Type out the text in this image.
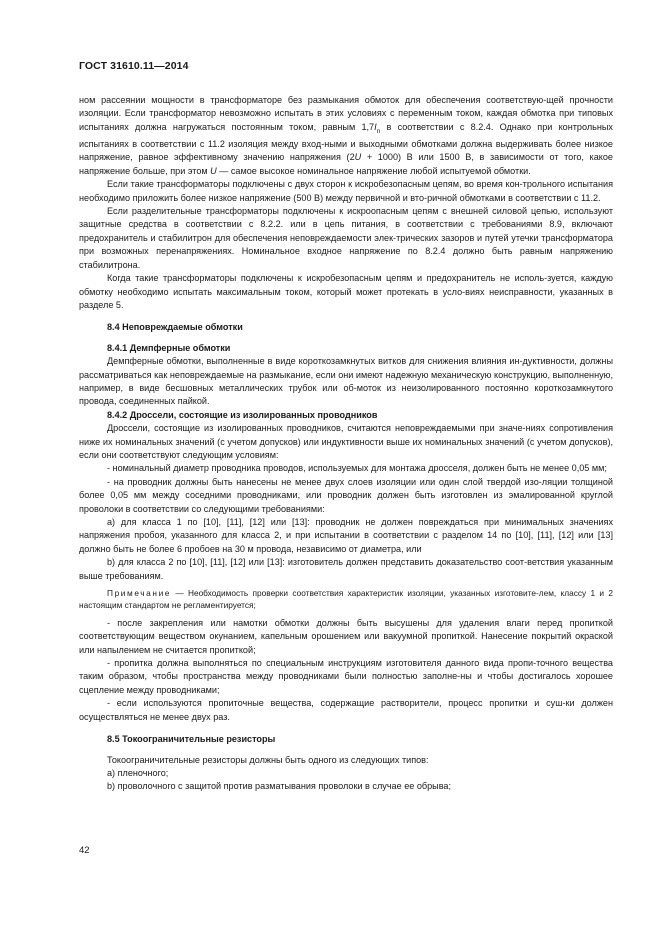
ГОСТ 31610.11—2014

ном рассеянии мощности в трансформаторе без размыкания обмоток для обеспечения соответствую-щей прочности изоляции. Если трансформатор невозможно испытать в этих условиях с переменным током, каждая обмотка при типовых испытаниях должна нагружаться постоянным током, равным $1,7I_n$ в соответствии с 8.2.4. Однако при контрольных испытаниях в соответствии с 11.2 изоляция между вход-ными и выходными обмотками должна выдерживать более низкое напряжение, равное эффективному значению напряжения (2U + 1000) В или 1500 В, в зависимости от того, какое напряжение больше, при этом U — самое высокое номинальное напряжение любой испытуемой обмотки.

Если такие трансформаторы подключены с двух сторон к искробезопасным цепям, во время кон-трольного испытания необходимо приложить более низкое напряжение (500 В) между первичной и вто-ричной обмотками в соответствии с 11.2.

Если разделительные трансформаторы подключены к искроопасным цепям с внешней силовой цепью, используют защитные средства в соответствии с 8.2.2. или в цепь питания, в соответствии с требованиями 8.9, включают предохранитель и стабилитрон для обеспечения неповреждаемости элек-трических зазоров и путей утечки трансформатора при возможных перенапряжениях. Номинальное входное напряжение по 8.2.4 должно быть равным напряжению стабилитрона.

Когда такие трансформаторы подключены к искробезопасным цепям и предохранитель не исполь-зуется, каждую обмотку необходимо испытать максимальным током, который может протекать в усло-виях неисправности, указанных в разделе 5.

8.4 Неповреждаемые обмотки

8.4.1 Демпферные обмотки

Демпферные обмотки, выполненные в виде короткозамкнутых витков для снижения влияния ин-дуктивности, должны рассматриваться как неповреждаемые на размыкание, если они имеют надежную механическую конструкцию, выполненную, например, в виде бесшовных металлических трубок или об-моток из неизолированного постоянно короткозамкнутого провода, соединенных пайкой.

8.4.2 Дроссели, состоящие из изолированных проводников

Дроссели, состоящие из изолированных проводников, считаются неповреждаемыми при значе-ниях сопротивления ниже их номинальных значений (с учетом допусков) или индуктивности выше их номинальных значений (с учетом допусков), если они соответствуют следующим условиям:

- номинальный диаметр проводника проводов, используемых для монтажа дросселя, должен быть не менее 0,05 мм;

- на проводник должны быть нанесены не менее двух слоев изоляции или один слой твердой изо-ляции толщиной более 0,05 мм между соседними проводниками, или проводник должен быть изготовлен из эмалированной круглой проволоки в соответствии со следующими требованиями:

a) для класса 1 по [10], [11], [12] или [13]: проводник не должен повреждаться при минимальных значениях напряжения пробоя, указанного для класса 2, и при испытании в соответствии с разделом 14 по [10], [11], [12] или [13] должно быть не более 6 пробоев на 30 м провода, независимо от диаметра, или

b) для класса 2 по [10], [11], [12] или [13]: изготовитель должен представить доказательство соот-ветствия указанным выше требованиям.

Примечание — Необходимость проверки соответствия характеристик изоляции, указанных изготовите-лем, классу 1 и 2 настоящим стандартом не регламентируется;

- после закрепления или намотки обмотки должны быть высушены для удаления влаги перед пропиткой соответствующим веществом окунанием, капельным орошением или вакуумной пропиткой. Нанесение покрытий окраской или напылением не считается пропиткой;

- пропитка должна выполняться по специальным инструкциям изготовителя данного вида пропи-точного вещества таким образом, чтобы пространства между проводниками были полностью заполне-ны и чтобы достигалось хорошее сцепление между проводниками;

- если используются пропиточные вещества, содержащие растворители, процесс пропитки и суш-ки должен осуществляться не менее двух раз.

8.5 Токоограничительные резисторы

Токоограничительные резисторы должны быть одного из следующих типов:

a) пленочного;

b) проволочного с защитой против разматывания проволоки в случае ее обрыва;

42
